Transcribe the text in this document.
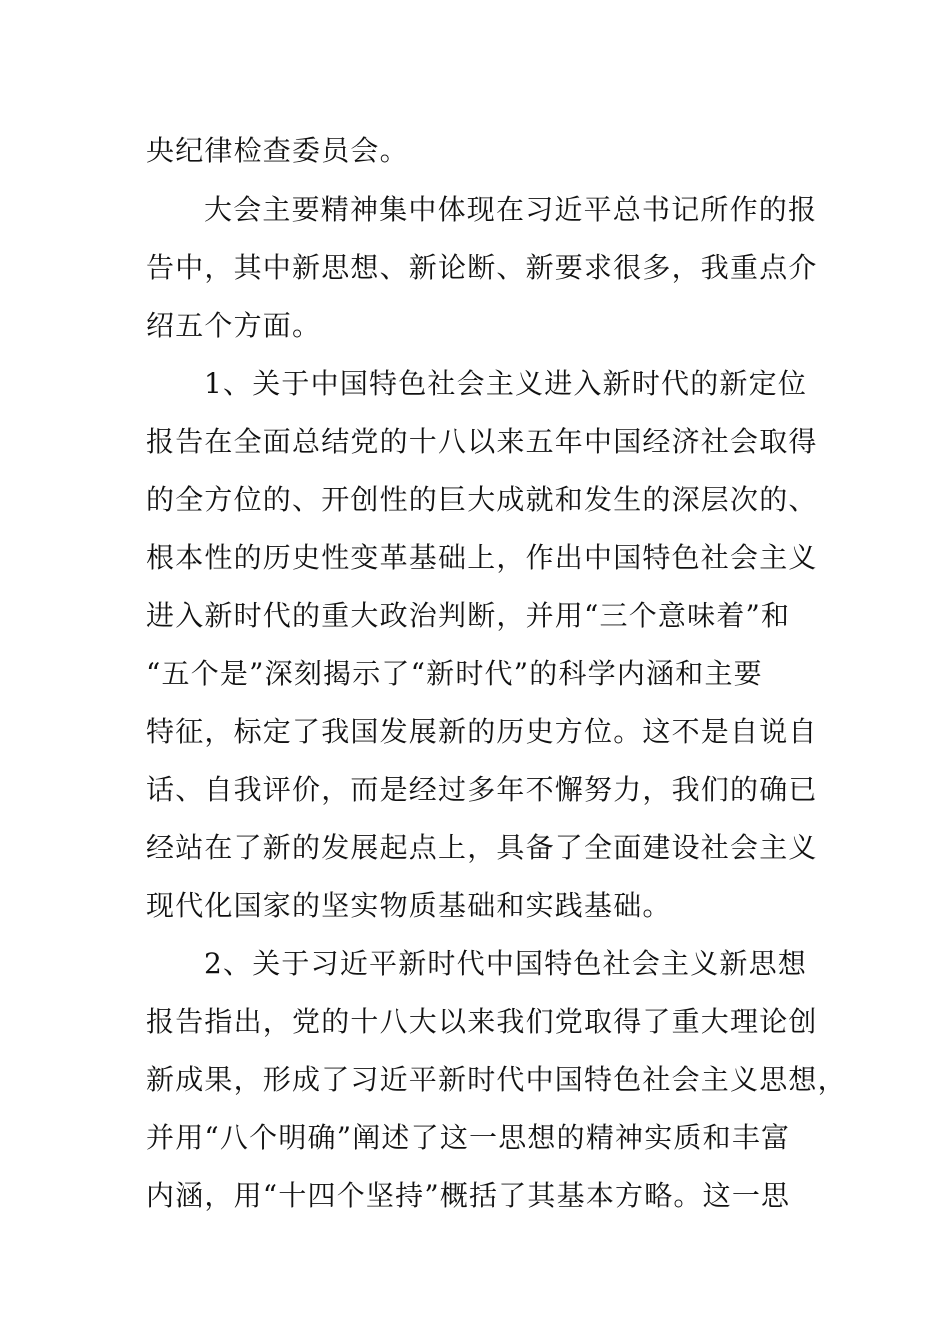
央纪律检查委员会。
大会主要精神集中体现在习近平总书记所作的报
告中，其中新思想、新论断、新要求很多，我重点介
绍五个方面。
1、关于中国特色社会主义进入新时代的新定位
报告在全面总结党的十八以来五年中国经济社会取得
的全方位的、开创性的巨大成就和发生的深层次的、
根本性的历史性变革基础上，作出中国特色社会主义
进入新时代的重大政治判断，并用“三个意味着”和
“五个是”深刻揭示了“新时代”的科学内涵和主要
特征，标定了我国发展新的历史方位。这不是自说自
话、自我评价，而是经过多年不懈努力，我们的确已
经站在了新的发展起点上，具备了全面建设社会主义
现代化国家的坚实物质基础和实践基础。
2、关于习近平新时代中国特色社会主义新思想
报告指出，党的十八大以来我们党取得了重大理论创
新成果，形成了习近平新时代中国特色社会主义思想，
并用“八个明确”阐述了这一思想的精神实质和丰富
内涵，用“十四个坚持”概括了其基本方略。这一思
